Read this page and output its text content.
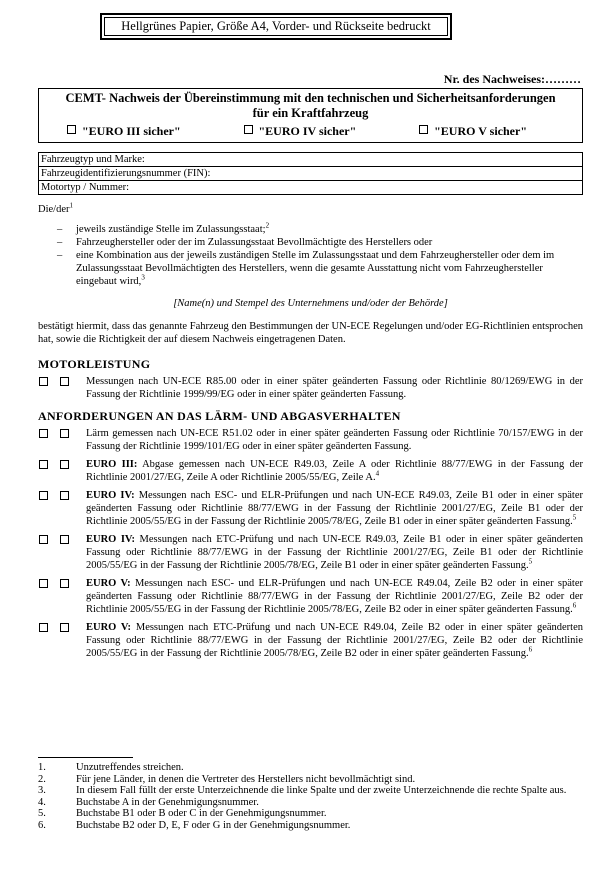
Hellgrünes Papier, Größe A4, Vorder- und Rückseite bedruckt
Nr. des Nachweises:………
CEMT- Nachweis der Übereinstimmung mit den technischen und Sicherheitsanforderungen
für ein Kraftfahrzeug
"EURO III sicher"	"EURO IV sicher"	"EURO V sicher"
Fahrzeugtyp und Marke:
Fahrzeugidentifizierungsnummer (FIN):
Motortyp / Nummer:
Die/der$^1$
– jeweils zuständige Stelle im Zulassungsstaat;$^2$
– Fahrzeughersteller oder der im Zulassungsstaat Bevollmächtigte des Herstellers oder
– eine Kombination aus der jeweils zuständigen Stelle im Zulassungsstaat und dem Fahrzeughersteller oder dem im Zulassungsstaat Bevollmächtigten des Herstellers, wenn die gesamte Ausstattung nicht vom Fahrzeughersteller eingebaut wird,$^3$
[Name(n) und Stempel des Unternehmens und/oder der Behörde]
bestätigt hiermit, dass das genannte Fahrzeug den Bestimmungen der UN-ECE Regelungen und/oder EG-Richtlinien entsprochen hat, sowie die Richtigkeit der auf diesem Nachweis eingetragenen Daten.
MOTORLEISTUNG
Messungen nach UN-ECE R85.00 oder in einer später geänderten Fassung oder Richtlinie 80/1269/EWG in der Fassung der Richtlinie 1999/99/EG oder in einer später geänderten Fassung.
ANFORDERUNGEN AN DAS LÄRM- UND ABGASVERHALTEN
Lärm gemessen nach UN-ECE R51.02 oder in einer später geänderten Fassung oder Richtlinie 70/157/EWG in der Fassung der Richtlinie 1999/101/EG oder in einer später geänderten Fassung.
EURO III: Abgase gemessen nach UN-ECE R49.03, Zeile A oder Richtlinie 88/77/EWG in der Fassung der Richtlinie 2001/27/EG, Zeile A oder Richtlinie 2005/55/EG, Zeile A.$^4$
EURO IV: Messungen nach ESC- und ELR-Prüfungen und nach UN-ECE R49.03, Zeile B1 oder in einer später geänderten Fassung oder Richtlinie 88/77/EWG in der Fassung der Richtlinie 2001/27/EG, Zeile B1 oder der Richtlinie 2005/55/EG in der Fassung der Richtlinie 2005/78/EG, Zeile B1 oder in einer später geänderten Fassung.$^5$
EURO IV: Messungen nach ETC-Prüfung und nach UN-ECE R49.03, Zeile B1 oder in einer später geänderten Fassung oder Richtlinie 88/77/EWG in der Fassung der Richtlinie 2001/27/EG, Zeile B1 oder der Richtlinie 2005/55/EG in der Fassung der Richtlinie 2005/78/EG, Zeile B1 oder in einer später geänderten Fassung.$^5$
EURO V: Messungen nach ESC- und ELR-Prüfungen und nach UN-ECE R49.04, Zeile B2 oder in einer später geänderten Fassung oder Richtlinie 88/77/EWG in der Fassung der Richtlinie 2001/27/EG, Zeile B2 oder der Richtlinie 2005/55/EG in der Fassung der Richtlinie 2005/78/EG, Zeile B2 oder in einer später geänderten Fassung.$^6$
EURO V: Messungen nach ETC-Prüfung und nach UN-ECE R49.04, Zeile B2 oder in einer später geänderten Fassung oder Richtlinie 88/77/EWG in der Fassung der Richtlinie 2001/27/EG, Zeile B2 oder der Richtlinie 2005/55/EG in der Fassung der Richtlinie 2005/78/EG, Zeile B2 oder in einer später geänderten Fassung.$^6$
1.	Unzutreffendes streichen.
2.	Für jene Länder, in denen die Vertreter des Herstellers nicht bevollmächtigt sind.
3.	In diesem Fall füllt der erste Unterzeichnende die linke Spalte und der zweite Unterzeichnende die rechte Spalte aus.
4.	Buchstabe A in der Genehmigungsnummer.
5.	Buchstabe B1 oder B oder C in der Genehmigungsnummer.
6.	Buchstabe B2 oder D, E, F oder G in der Genehmigungsnummer.
